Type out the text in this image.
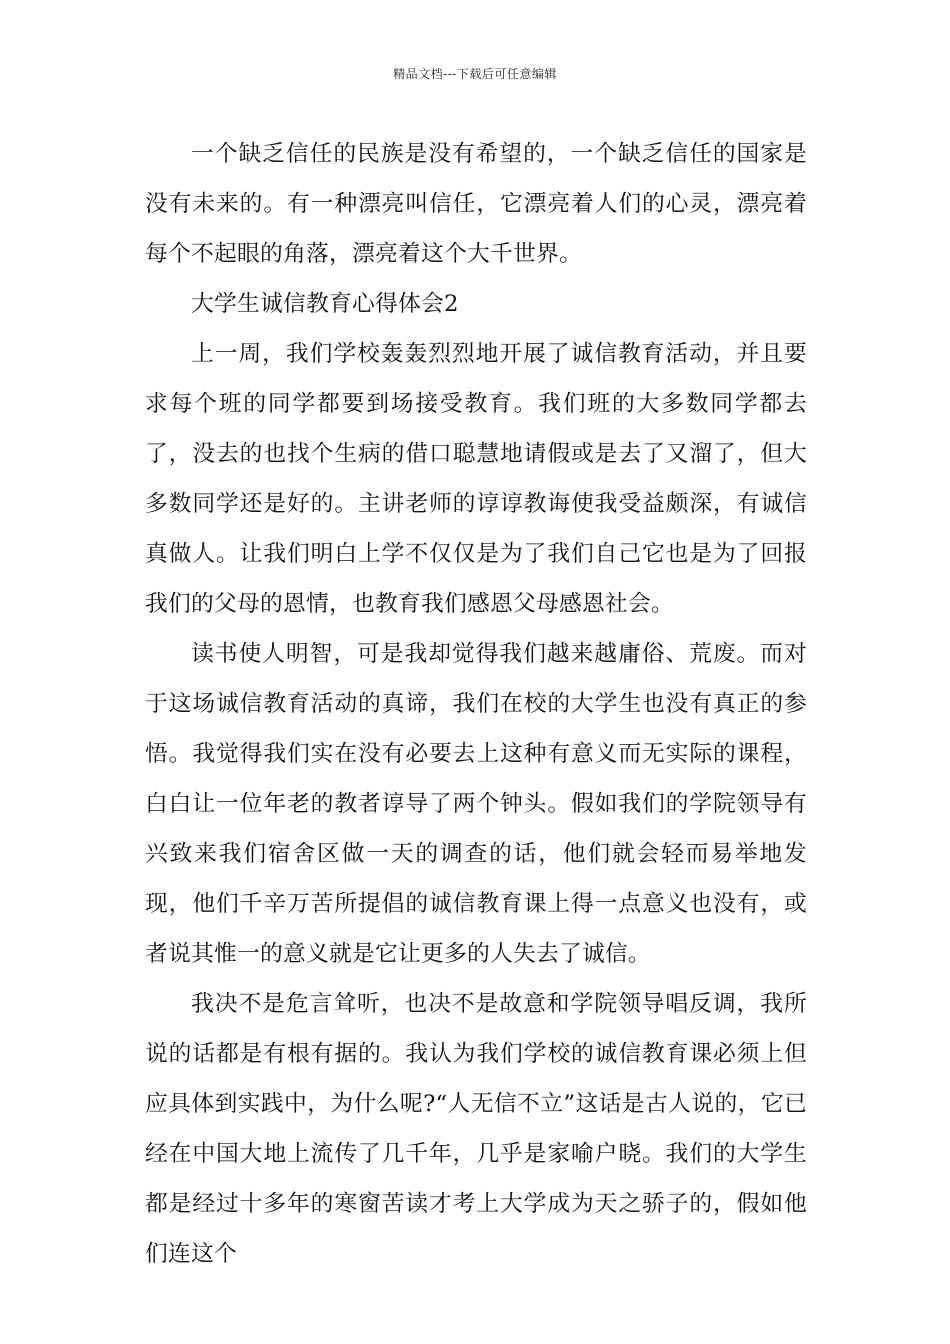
精品文档---下载后可任意编辑

一个缺乏信任的民族是没有希望的，一个缺乏信任的国家是没有未来的。有一种漂亮叫信任，它漂亮着人们的心灵，漂亮着每个不起眼的角落，漂亮着这个大千世界。

大学生诚信教育心得体会2

上一周，我们学校轰轰烈烈地开展了诚信教育活动，并且要求每个班的同学都要到场接受教育。我们班的大多数同学都去了，没去的也找个生病的借口聪慧地请假或是去了又溜了，但大多数同学还是好的。主讲老师的谆谆教诲使我受益颇深，有诚信真做人。让我们明白上学不仅仅是为了我们自己它也是为了回报我们的父母的恩情，也教育我们感恩父母感恩社会。

读书使人明智，可是我却觉得我们越来越庸俗、荒废。而对于这场诚信教育活动的真谛，我们在校的大学生也没有真正的参悟。我觉得我们实在没有必要去上这种有意义而无实际的课程，白白让一位年老的教者谆导了两个钟头。假如我们的学院领导有兴致来我们宿舍区做一天的调查的话，他们就会轻而易举地发现，他们千辛万苦所提倡的诚信教育课上得一点意义也没有，或者说其惟一的意义就是它让更多的人失去了诚信。

我决不是危言耸听，也决不是故意和学院领导唱反调，我所说的话都是有根有据的。我认为我们学校的诚信教育课必须上但应具体到实践中，为什么呢?“人无信不立”这话是古人说的，它已经在中国大地上流传了几千年，几乎是家喻户晓。我们的大学生都是经过十多年的寒窗苦读才考上大学成为天之骄子的，假如他们连这个
